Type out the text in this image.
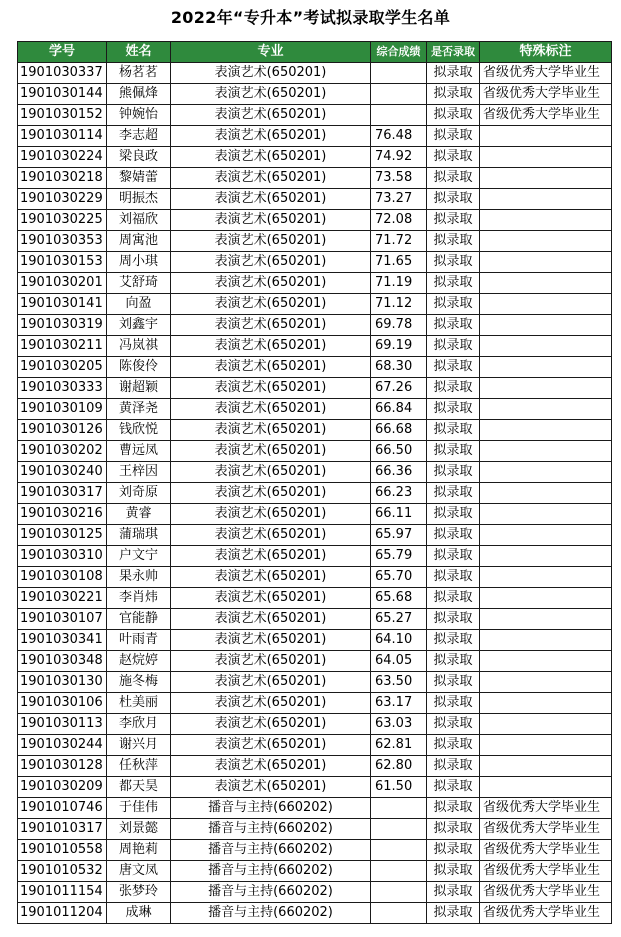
2022年“专升本”考试拟录取学生名单
学号	姓名	专业	综合成绩	是否录取	特殊标注
1901030337	杨茗茗	表演艺术(650201)		拟录取	省级优秀大学毕业生
1901030144	熊佩烽	表演艺术(650201)		拟录取	省级优秀大学毕业生
1901030152	钟婉怡	表演艺术(650201)		拟录取	省级优秀大学毕业生
1901030114	李志超	表演艺术(650201)	76.48	拟录取	
1901030224	梁良政	表演艺术(650201)	74.92	拟录取	
1901030218	黎婧蕾	表演艺术(650201)	73.58	拟录取	
1901030229	明振杰	表演艺术(650201)	73.27	拟录取	
1901030225	刘福欣	表演艺术(650201)	72.08	拟录取	
1901030353	周寓池	表演艺术(650201)	71.72	拟录取	
1901030153	周小琪	表演艺术(650201)	71.65	拟录取	
1901030201	艾舒琦	表演艺术(650201)	71.19	拟录取	
1901030141	向盈	表演艺术(650201)	71.12	拟录取	
1901030319	刘鑫宇	表演艺术(650201)	69.78	拟录取	
1901030211	冯岚祺	表演艺术(650201)	69.19	拟录取	
1901030205	陈俊伶	表演艺术(650201)	68.30	拟录取	
1901030333	谢超颖	表演艺术(650201)	67.26	拟录取	
1901030109	黄泽尧	表演艺术(650201)	66.84	拟录取	
1901030126	钱欣悦	表演艺术(650201)	66.68	拟录取	
1901030202	曹远凤	表演艺术(650201)	66.50	拟录取	
1901030240	王梓因	表演艺术(650201)	66.36	拟录取	
1901030317	刘奇原	表演艺术(650201)	66.23	拟录取	
1901030216	黄睿	表演艺术(650201)	66.11	拟录取	
1901030125	蒲瑞琪	表演艺术(650201)	65.97	拟录取	
1901030310	户文宁	表演艺术(650201)	65.79	拟录取	
1901030108	果永帅	表演艺术(650201)	65.70	拟录取	
1901030221	李肖炜	表演艺术(650201)	65.68	拟录取	
1901030107	官能静	表演艺术(650201)	65.27	拟录取	
1901030341	叶雨青	表演艺术(650201)	64.10	拟录取	
1901030348	赵烷婷	表演艺术(650201)	64.05	拟录取	
1901030130	施冬梅	表演艺术(650201)	63.50	拟录取	
1901030106	杜美丽	表演艺术(650201)	63.17	拟录取	
1901030113	李欣月	表演艺术(650201)	63.03	拟录取	
1901030244	谢兴月	表演艺术(650201)	62.81	拟录取	
1901030128	任秋萍	表演艺术(650201)	62.80	拟录取	
1901030209	都天昊	表演艺术(650201)	61.50	拟录取	
1901010746	于佳伟	播音与主持(660202)		拟录取	省级优秀大学毕业生
1901010317	刘景懿	播音与主持(660202)		拟录取	省级优秀大学毕业生
1901010558	周艳莉	播音与主持(660202)		拟录取	省级优秀大学毕业生
1901010532	唐文凤	播音与主持(660202)		拟录取	省级优秀大学毕业生
1901011154	张梦玲	播音与主持(660202)		拟录取	省级优秀大学毕业生
1901011204	成琳	播音与主持(660202)		拟录取	省级优秀大学毕业生
